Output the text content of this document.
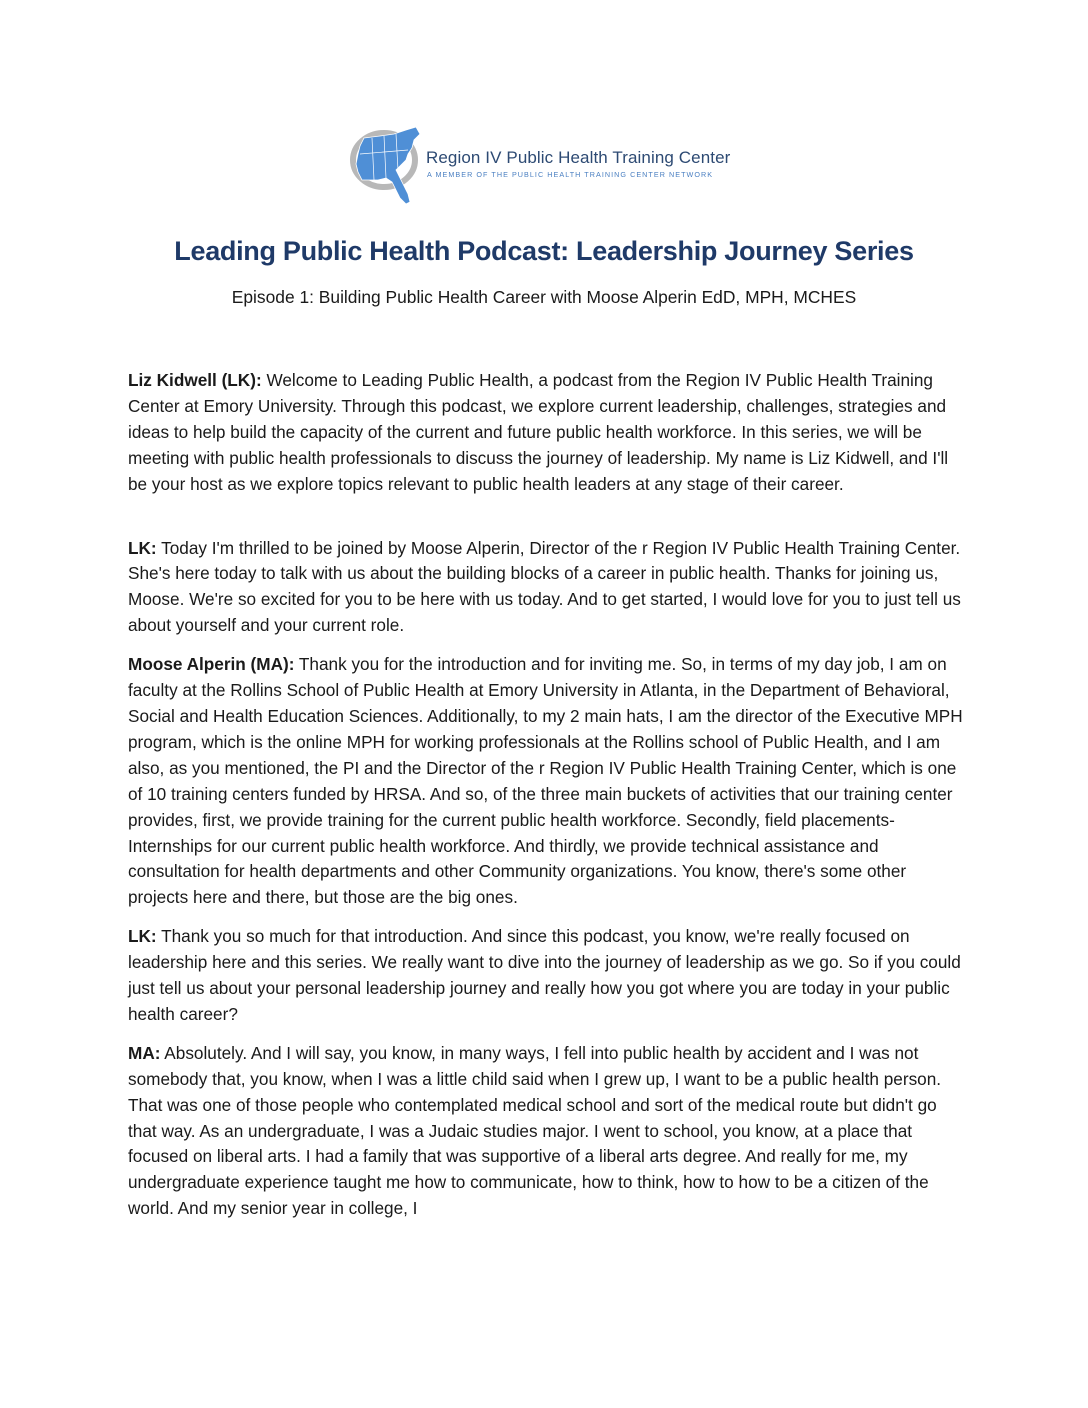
Region IV Public Health Training Center
A MEMBER OF THE PUBLIC HEALTH TRAINING CENTER NETWORK
Leading Public Health Podcast: Leadership Journey Series
Episode 1: Building Public Health Career with Moose Alperin EdD, MPH, MCHES

Liz Kidwell (LK): Welcome to Leading Public Health, a podcast from the Region IV Public Health Training Center at Emory University. Through this podcast, we explore current leadership, challenges, strategies and ideas to help build the capacity of the current and future public health workforce. In this series, we will be meeting with public health professionals to discuss the journey of leadership. My name is Liz Kidwell, and I'll be your host as we explore topics relevant to public health leaders at any stage of their career.

LK: Today I'm thrilled to be joined by Moose Alperin, Director of the r Region IV Public Health Training Center. She's here today to talk with us about the building blocks of a career in public health. Thanks for joining us, Moose. We're so excited for you to be here with us today. And to get started, I would love for you to just tell us about yourself and your current role.

Moose Alperin (MA): Thank you for the introduction and for inviting me. So, in terms of my day job, I am on faculty at the Rollins School of Public Health at Emory University in Atlanta, in the Department of Behavioral, Social and Health Education Sciences. Additionally, to my 2 main hats, I am the director of the Executive MPH program, which is the online MPH for working professionals at the Rollins school of Public Health, and I am also, as you mentioned, the PI and the Director of the r Region IV Public Health Training Center, which is one of 10 training centers funded by HRSA. And so, of the three main buckets of activities that our training center provides, first, we provide training for the current public health workforce. Secondly, field placements- Internships for our current public health workforce. And thirdly, we provide technical assistance and consultation for health departments and other Community organizations. You know, there's some other projects here and there, but those are the big ones.

LK: Thank you so much for that introduction. And since this podcast, you know, we're really focused on leadership here and this series. We really want to dive into the journey of leadership as we go. So if you could just tell us about your personal leadership journey and really how you got where you are today in your public health career?

MA: Absolutely. And I will say, you know, in many ways, I fell into public health by accident and I was not somebody that, you know, when I was a little child said when I grew up, I want to be a public health person. That was one of those people who contemplated medical school and sort of the medical route but didn't go that way. As an undergraduate, I was a Judaic studies major. I went to school, you know, at a place that focused on liberal arts. I had a family that was supportive of a liberal arts degree. And really for me, my undergraduate experience taught me how to communicate, how to think, how to how to be a citizen of the world. And my senior year in college, I
